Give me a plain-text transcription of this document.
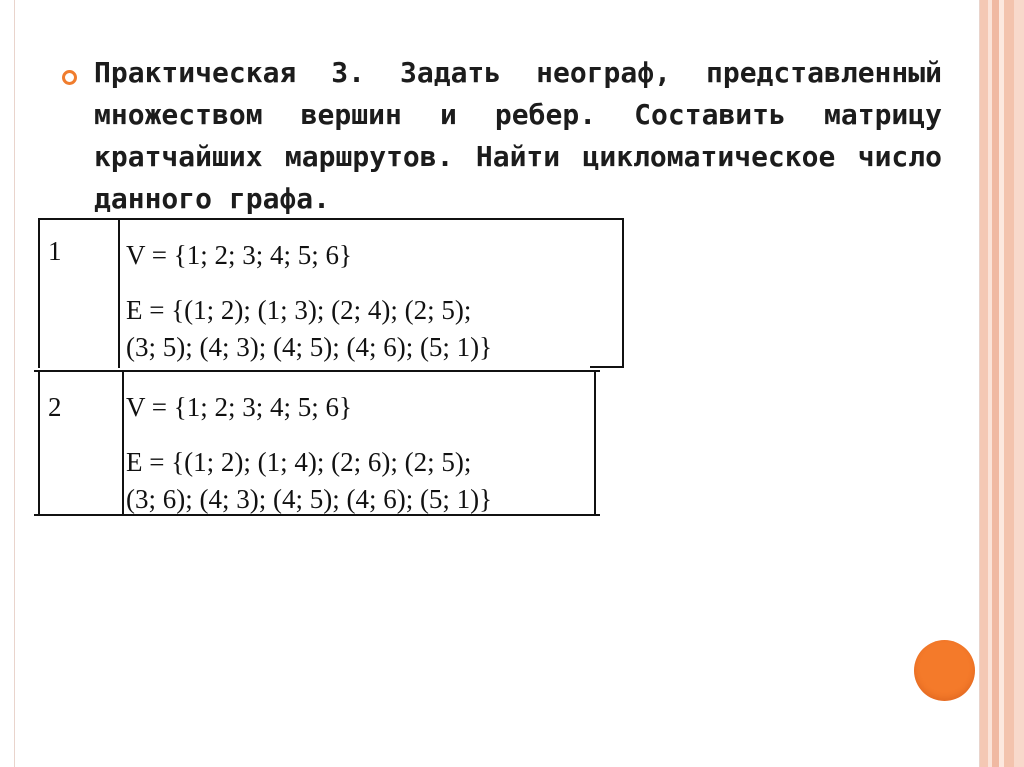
Практическая 3. Задать неограф, представленный множеством вершин и ребер. Составить матрицу кратчайших маршрутов. Найти цикломатическое число данного графа.
1 V = {1; 2; 3; 4; 5; 6}
E = {(1; 2); (1; 3); (2; 4); (2; 5);
(3; 5); (4; 3); (4; 5); (4; 6); (5; 1)}
2 V = {1; 2; 3; 4; 5; 6}
E = {(1; 2); (1; 4); (2; 6); (2; 5);
(3; 6); (4; 3); (4; 5); (4; 6); (5; 1)}
